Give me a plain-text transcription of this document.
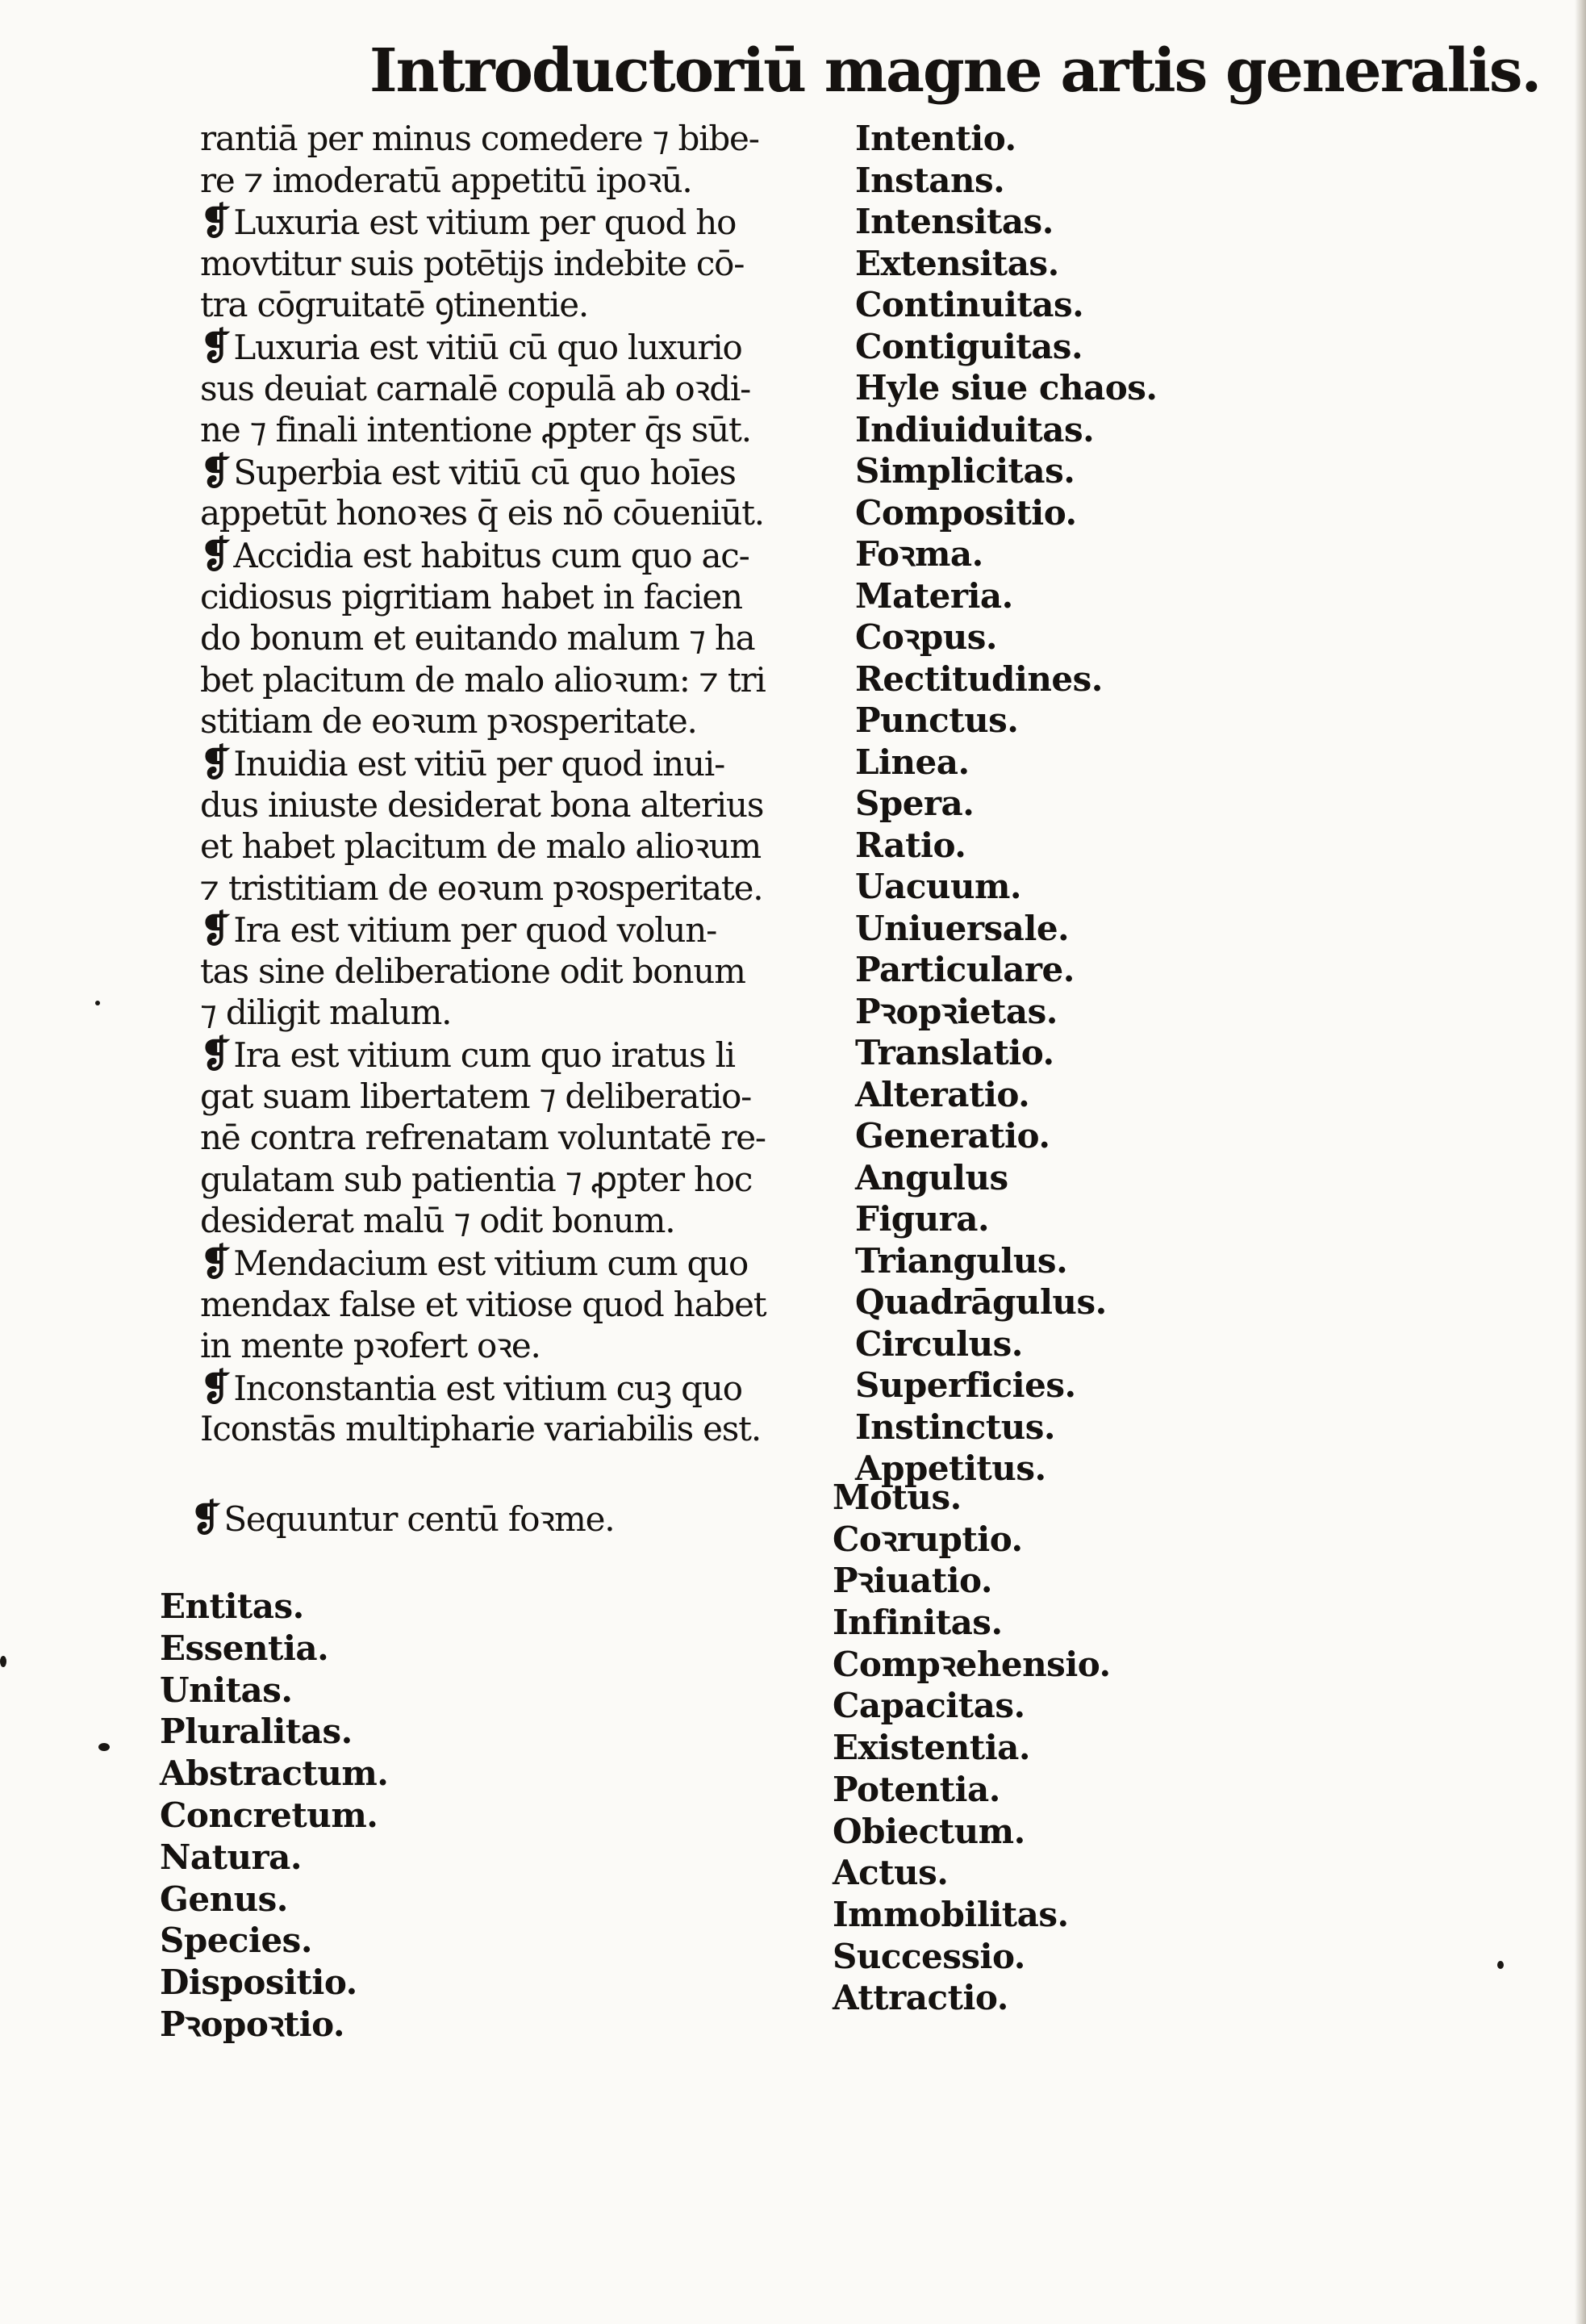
Introductoriū magne artis generalis.
rantiā per minus comedere ⁊ bibe-
re ⁊ imoderatū appetitū ipoꝛū.
❡Luxuria est vitium per quod ho
movtitur suis potētijs indebite cō-
tra cōgruitatē ꝯtinentie.
❡Luxuria est vitiū cū quo luxurio
sus deuiat carnalē copulā ab oꝛdi-
ne ⁊ finali intentione ꝓpter q̄s sūt.
❡Superbia est vitiū cū quo hoīes
appetūt honoꝛes q̄ eis nō cōueniūt.
❡Accidia est habitus cum quo ac-
cidiosus pigritiam habet in facien
do bonum et euitando malum ⁊ ha
bet placitum de malo alioꝛum: ⁊ tri
stitiam de eoꝛum pꝛosperitate.
❡Inuidia est vitiū per quod inui-
dus iniuste desiderat bona alterius
et habet placitum de malo alioꝛum
⁊ tristitiam de eoꝛum pꝛosperitate.
❡Ira est vitium per quod volun-
tas sine deliberatione odit bonum
⁊ diligit malum.
❡Ira est vitium cum quo iratus li
gat suam libertatem ⁊ deliberatio-
nē contra refrenatam voluntatē re-
gulatam sub patientia ⁊ ꝓpter hoc
desiderat malū ⁊ odit bonum.
❡Mendacium est vitium cum quo
mendax false et vitiose quod habet
in mente pꝛofert oꝛe.
❡Inconstantia est vitium cuꝫ quo
Iconstās multipharie variabilis est.
❡Sequuntur centū foꝛme.
Entitas.
Essentia.
Unitas.
Pluralitas.
Abstractum.
Concretum.
Natura.
Genus.
Species.
Dispositio.
Pꝛopoꝛtio.
Intentio.
Instans.
Intensitas.
Extensitas.
Continuitas.
Contiguitas.
Hyle siue chaos.
Indiuiduitas.
Simplicitas.
Compositio.
Foꝛma.
Materia.
Coꝛpus.
Rectitudines.
Punctus.
Linea.
Spera.
Ratio.
Uacuum.
Uniuersale.
Particulare.
Pꝛopꝛietas.
Translatio.
Alteratio.
Generatio.
Angulus
Figura.
Triangulus.
Quadrāgulus.
Circulus.
Superficies.
Instinctus.
Appetitus.
Motus.
Coꝛruptio.
Pꝛiuatio.
Infinitas.
Compꝛehensio.
Capacitas.
Existentia.
Potentia.
Obiectum.
Actus.
Immobilitas.
Successio.
Attractio.
